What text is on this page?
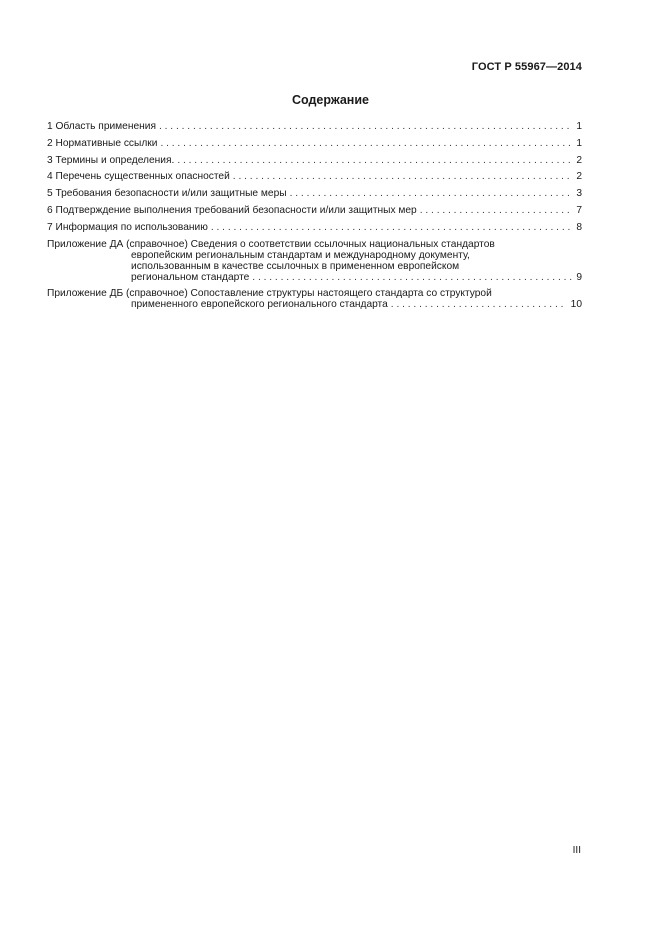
ГОСТ Р 55967—2014
Содержание
1 Область применения . . .	1
2 Нормативные ссылки . . .	1
3 Термины и определения. . . .	2
4 Перечень существенных опасностей . . .	2
5 Требования безопасности и/или защитные меры . . .	3
6 Подтверждение выполнения требований безопасности и/или защитных мер . . .	7
7 Информация по использованию . . .	8
Приложение ДА (справочное) Сведения о соответствии ссылочных национальных стандартов
европейским региональным стандартам и международному документу,
использованным в качестве ссылочных в примененном европейском
региональном стандарте . . .	9
Приложение ДБ (справочное) Сопоставление структуры настоящего стандарта со структурой
примененного европейского регионального стандарта . . .	10
III
